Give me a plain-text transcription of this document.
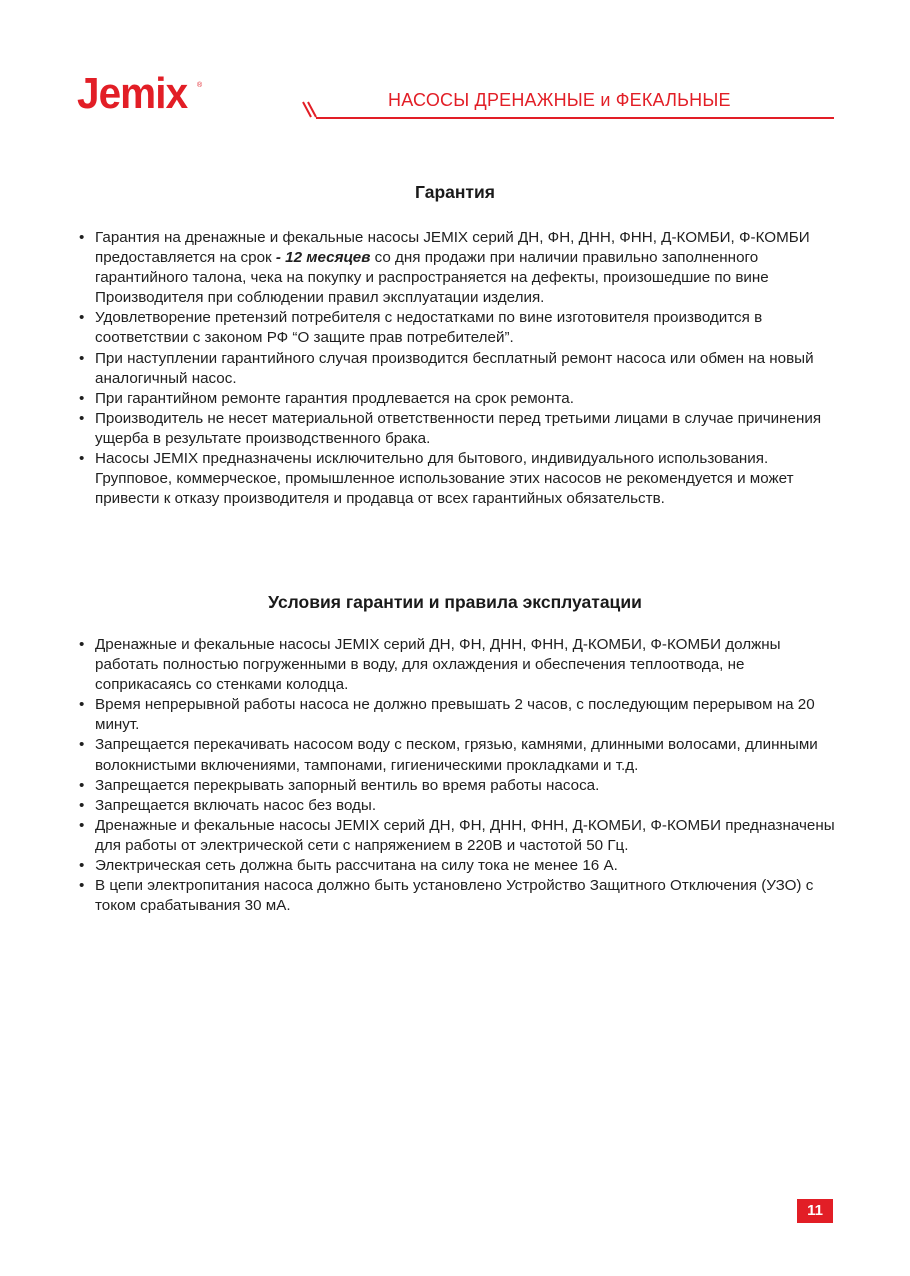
Jemix ®
НАСОСЫ ДРЕНАЖНЫЕ и ФЕКАЛЬНЫЕ
Гарантия
• Гарантия на дренажные и фекальные насосы JEMIX серий ДН, ФН, ДНН, ФНН, Д-КОМБИ, Ф-КОМБИ предоставляется на срок - 12 месяцев со дня продажи при наличии правильно заполненного гарантийного талона, чека на покупку и распространяется на дефекты, произошедшие по вине Производителя при соблюдении правил эксплуатации изделия.
• Удовлетворение претензий потребителя с недостатками по вине изготовителя производится в соответствии с законом РФ “О защите прав потребителей”.
• При наступлении гарантийного случая производится бесплатный ремонт насоса или обмен на новый аналогичный насос.
• При гарантийном ремонте гарантия продлевается на срок ремонта.
• Производитель не несет материальной ответственности перед третьими лицами в случае причинения ущерба в результате производственного брака.
• Насосы JEMIX предназначены исключительно для бытового, индивидуального использования. Групповое, коммерческое, промышленное использование этих насосов не рекомендуется и может привести к отказу производителя и продавца от всех гарантийных обязательств.
Условия гарантии и правила эксплуатации
• Дренажные и фекальные насосы JEMIX серий ДН, ФН, ДНН, ФНН, Д-КОМБИ, Ф-КОМБИ должны работать полностью погруженными в воду, для охлаждения и обеспечения теплоотвода, не соприкасаясь со стенками колодца.
• Время непрерывной работы насоса не должно превышать 2 часов, с последующим перерывом на 20 минут.
• Запрещается перекачивать насосом воду с песком, грязью, камнями, длинными волосами, длинными волокнистыми включениями, тампонами, гигиеническими прокладками и т.д.
• Запрещается перекрывать запорный вентиль во время работы насоса.
• Запрещается включать насос без воды.
• Дренажные и фекальные насосы JEMIX серий ДН, ФН, ДНН, ФНН, Д-КОМБИ, Ф-КОМБИ предназначены для работы от электрической сети с напряжением в 220В и частотой 50 Гц.
• Электрическая сеть должна быть рассчитана на силу тока не менее 16 А.
• В цепи электропитания насоса должно быть установлено Устройство Защитного Отключения (УЗО) с током срабатывания 30 мА.
11
